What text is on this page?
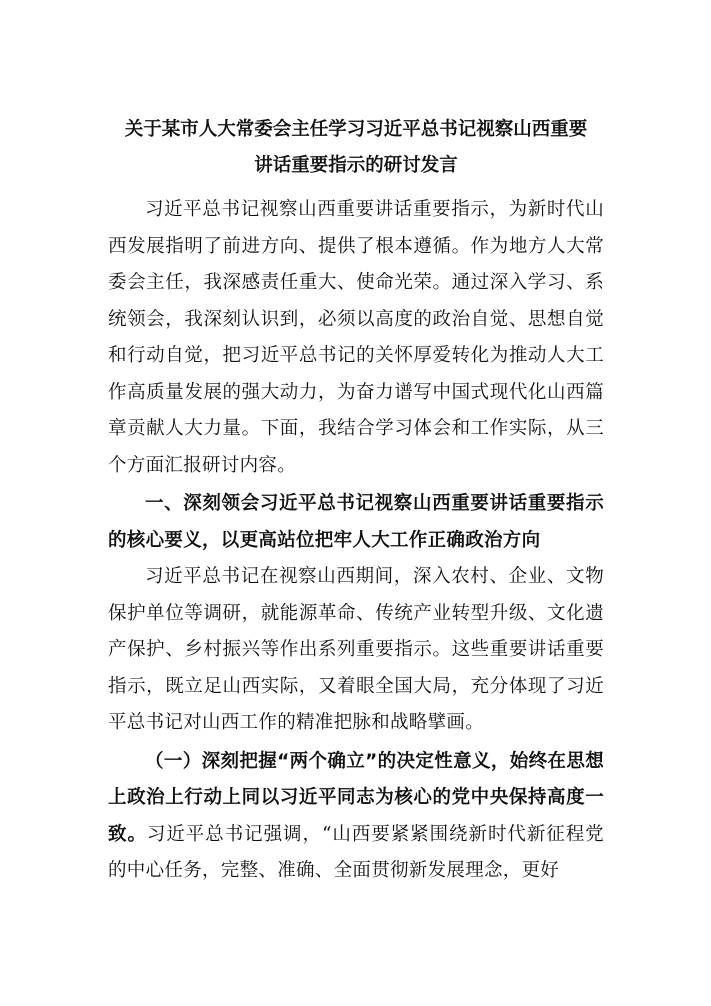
关于某市人大常委会主任学习习近平总书记视察山西重要
讲话重要指示的研讨发言

习近平总书记视察山西重要讲话重要指示，为新时代山西发展指明了前进方向、提供了根本遵循。作为地方人大常委会主任，我深感责任重大、使命光荣。通过深入学习、系统领会，我深刻认识到，必须以高度的政治自觉、思想自觉和行动自觉，把习近平总书记的关怀厚爱转化为推动人大工作高质量发展的强大动力，为奋力谱写中国式现代化山西篇章贡献人大力量。下面，我结合学习体会和工作实际，从三个方面汇报研讨内容。

一、深刻领会习近平总书记视察山西重要讲话重要指示的核心要义，以更高站位把牢人大工作正确政治方向

习近平总书记在视察山西期间，深入农村、企业、文物保护单位等调研，就能源革命、传统产业转型升级、文化遗产保护、乡村振兴等作出系列重要指示。这些重要讲话重要指示，既立足山西实际，又着眼全国大局，充分体现了习近平总书记对山西工作的精准把脉和战略擘画。

（一）深刻把握“两个确立”的决定性意义，始终在思想上政治上行动上同以习近平同志为核心的党中央保持高度一致。习近平总书记强调，“山西要紧紧围绕新时代新征程党的中心任务，完整、准确、全面贯彻新发展理念，更好
